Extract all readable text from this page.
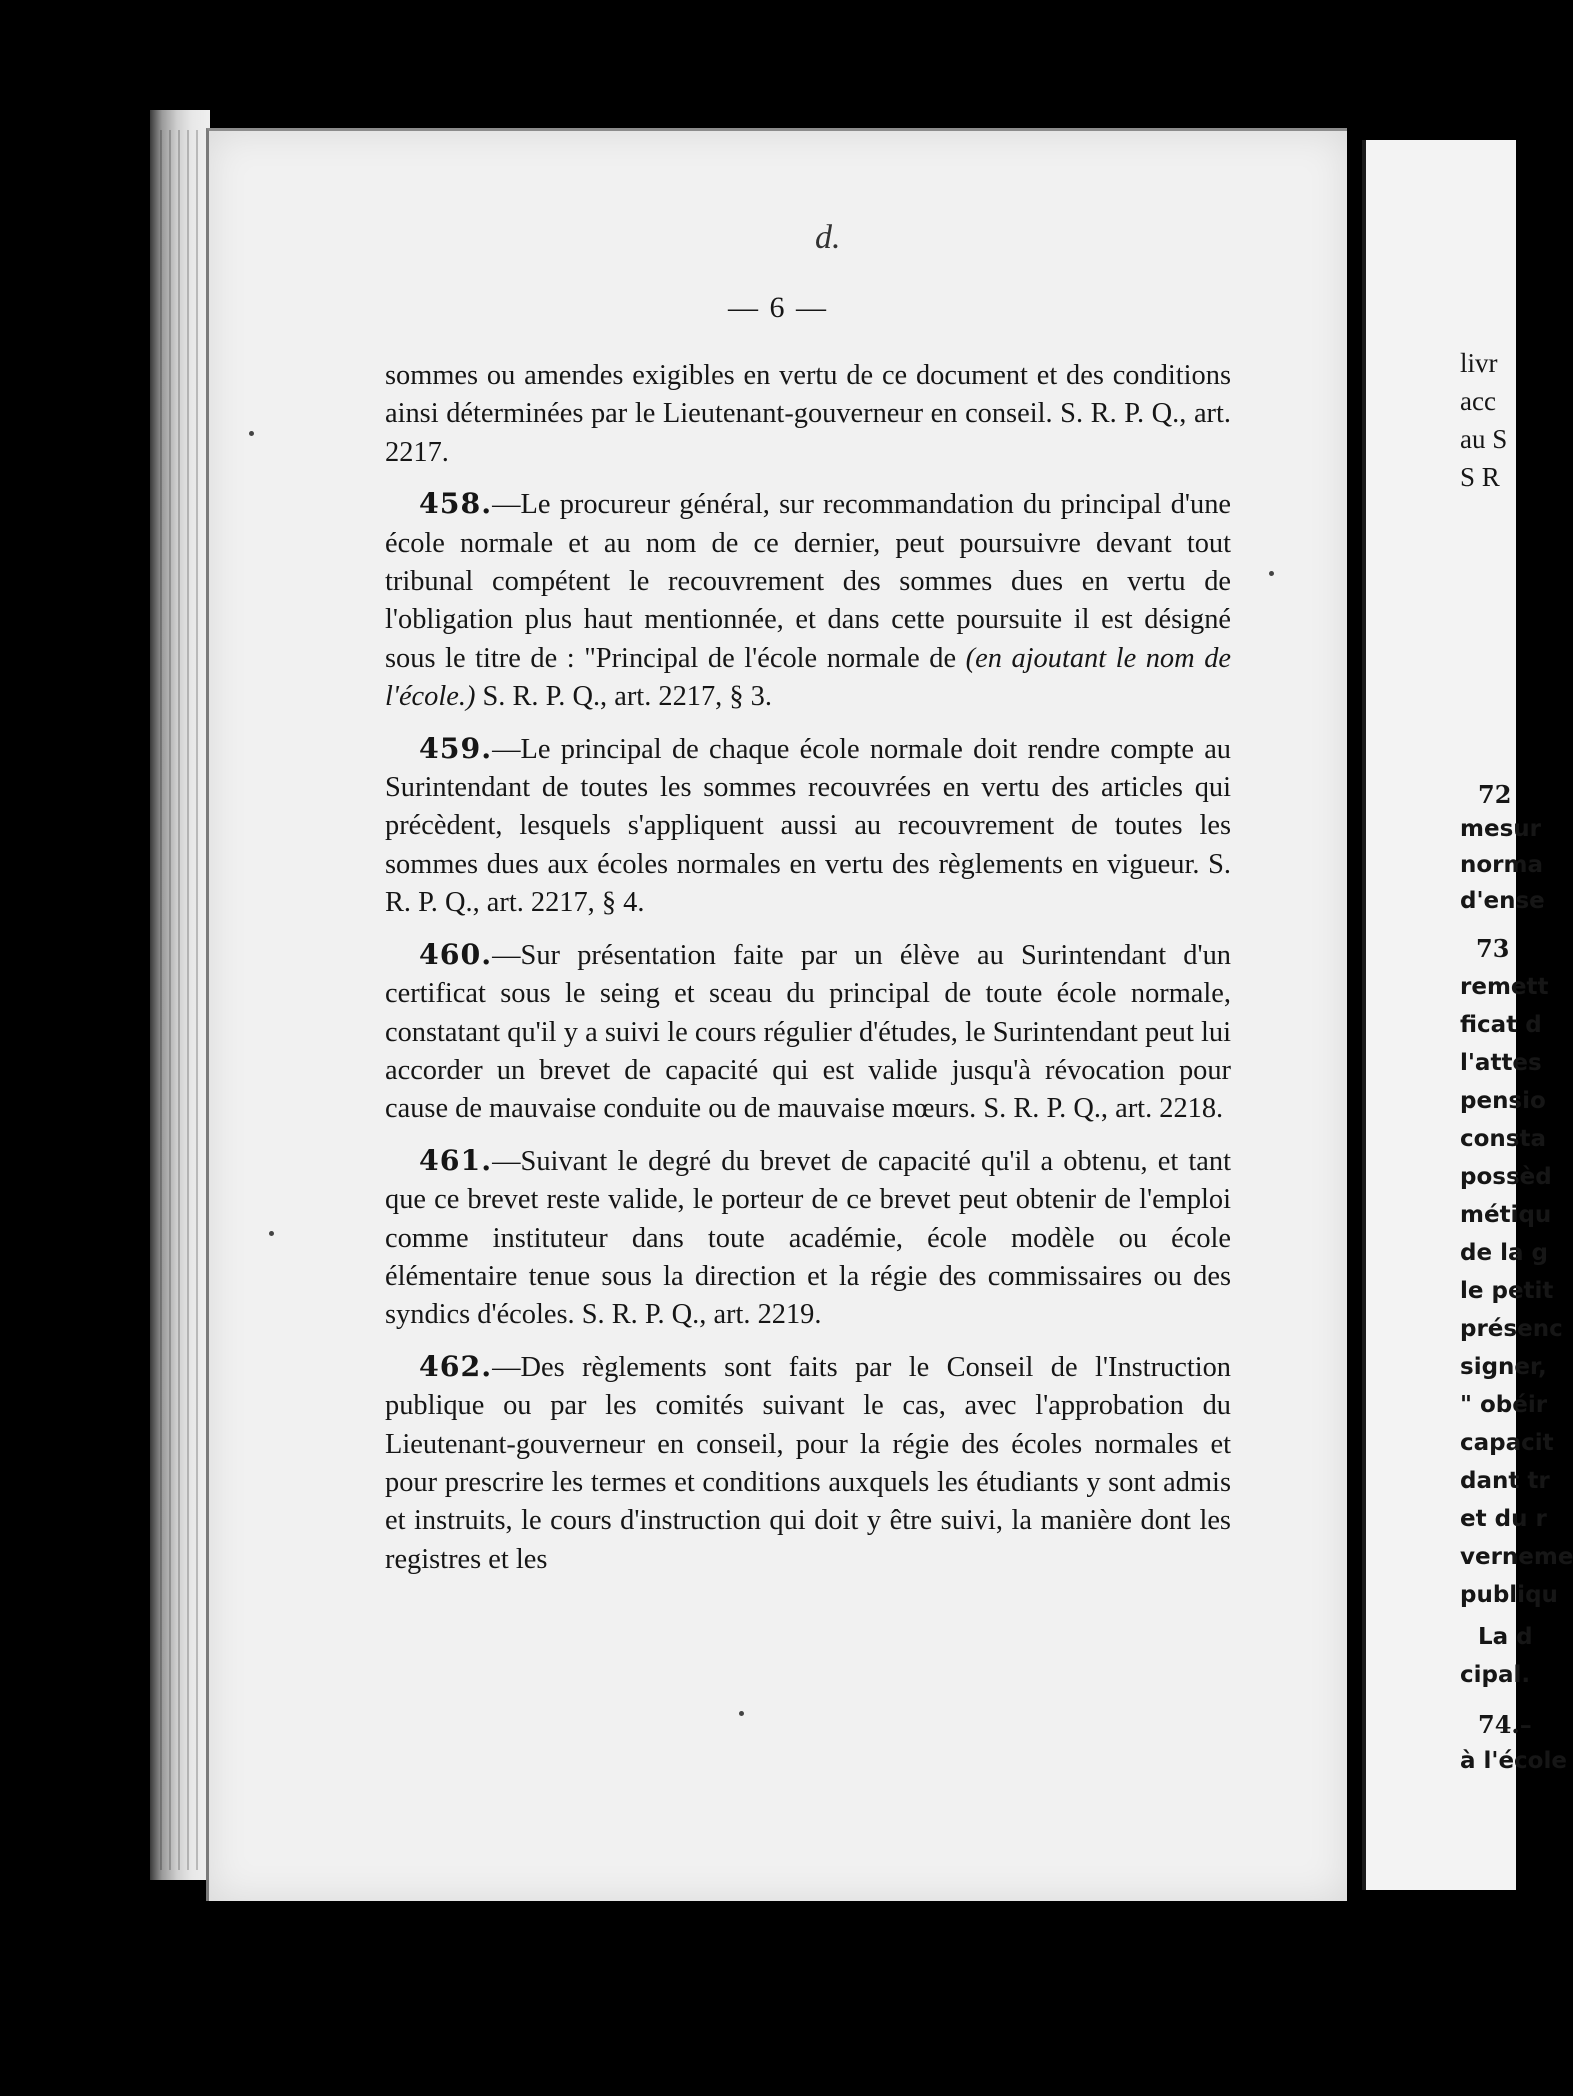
d.
— 6 —

sommes ou amendes exigibles en vertu de ce document et des conditions ainsi déterminées par le Lieutenant-gouverneur en conseil. S. R. P. Q., art. 2217.

458.—Le procureur général, sur recommandation du principal d'une école normale et au nom de ce dernier, peut poursuivre devant tout tribunal compétent le recouvrement des sommes dues en vertu de l'obligation plus haut mentionnée, et dans cette poursuite il est désigné sous le titre de : "Principal de l'école normale de (en ajoutant le nom de l'école.) S. R. P. Q., art. 2217, § 3.

459.—Le principal de chaque école normale doit rendre compte au Surintendant de toutes les sommes recouvrées en vertu des articles qui précèdent, lesquels s'appliquent aussi au recouvrement de toutes les sommes dues aux écoles normales en vertu des règlements en vigueur. S. R. P. Q., art. 2217, § 4.

460.—Sur présentation faite par un élève au Surintendant d'un certificat sous le seing et sceau du principal de toute école normale, constatant qu'il y a suivi le cours régulier d'études, le Surintendant peut lui accorder un brevet de capacité qui est valide jusqu'à révocation pour cause de mauvaise conduite ou de mauvaise mœurs. S. R. P. Q., art. 2218.

461.—Suivant le degré du brevet de capacité qu'il a obtenu, et tant que ce brevet reste valide, le porteur de ce brevet peut obtenir de l'emploi comme instituteur dans toute académie, école modèle ou école élémentaire tenue sous la direction et la régie des commissaires ou des syndics d'écoles. S. R. P. Q., art. 2219.

462.—Des règlements sont faits par le Conseil de l'Instruction publique ou par les comités suivant le cas, avec l'approbation du Lieutenant-gouverneur en conseil, pour la régie des écoles normales et pour prescrire les termes et conditions auxquels les étudiants y sont admis et instruits, le cours d'instruction qui doit y être suivi, la manière dont les registres et les

livr
acc
au S
S R
72
mesur
norma
d'ense
73
remett
ficat d
l'attes
pensio
consta
possèd
métiqu
de la g
le petit
présenc
signer,
" obéir
capacit
dant tr
et du r
verneme
publiqu
La d
cipal.
74.–
à l'école
